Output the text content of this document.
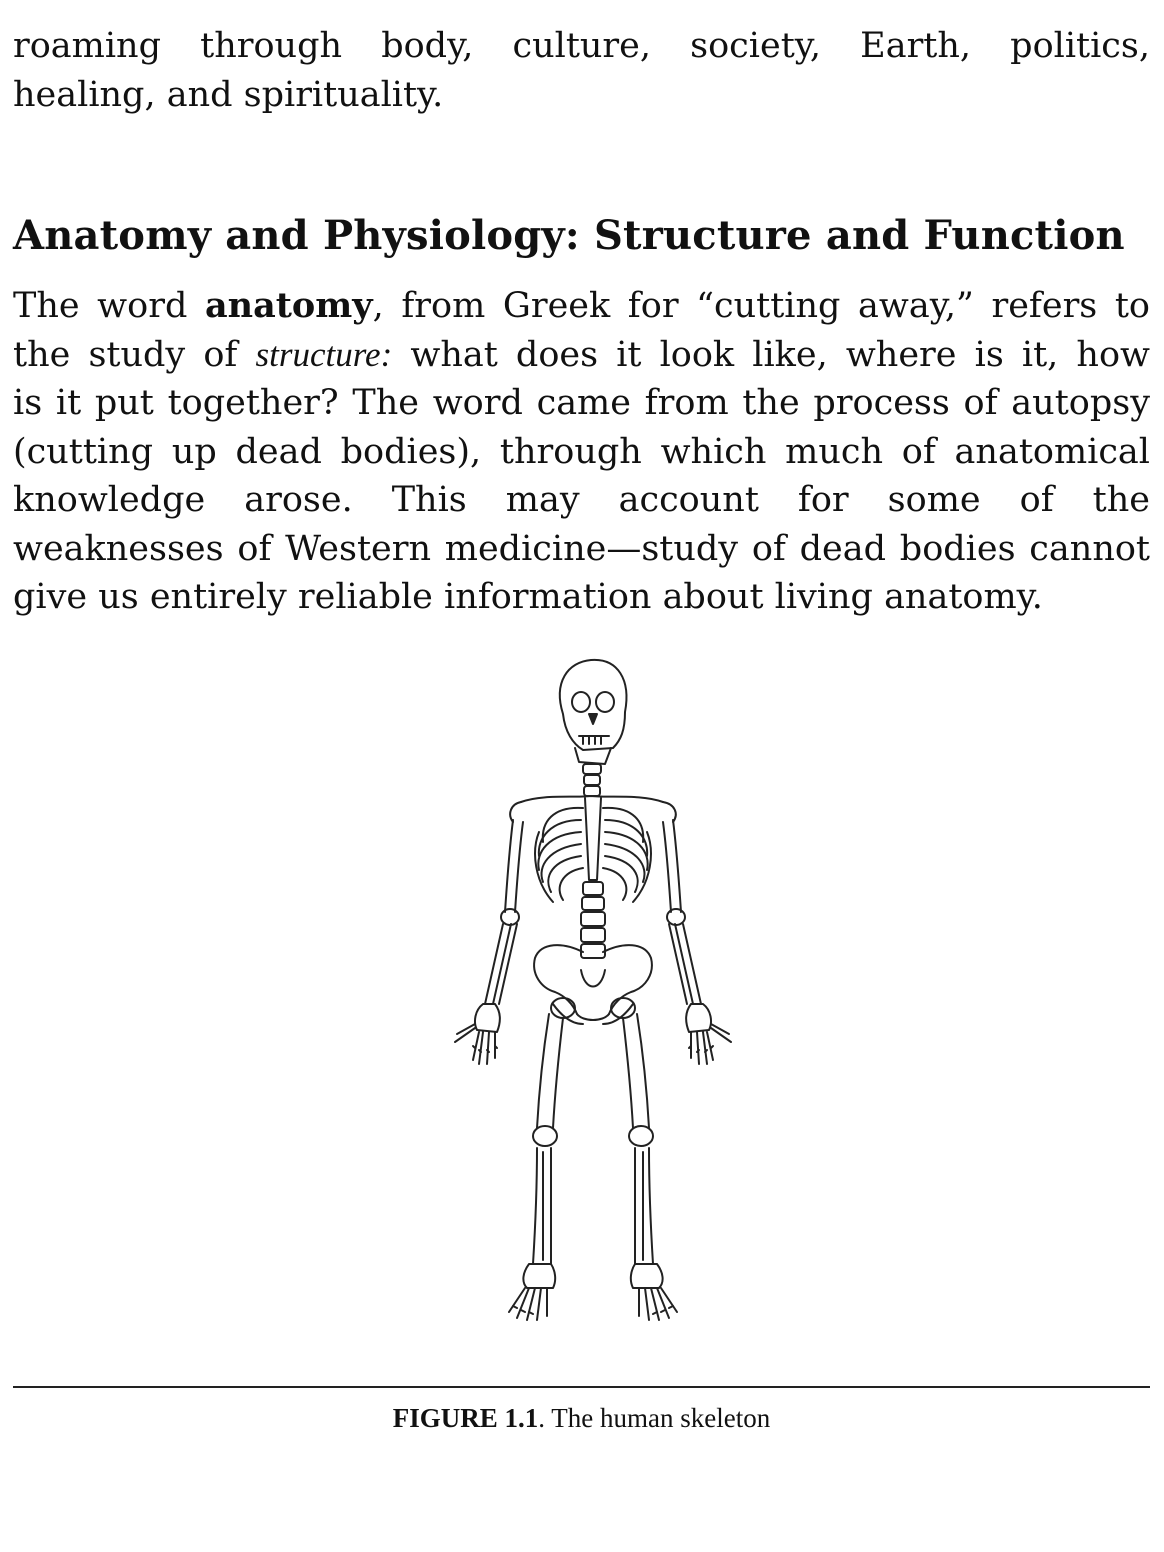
roaming through body, culture, society, Earth, politics,

healing, and spirituality.

Anatomy and Physiology: Structure and Function

The word anatomy, from Greek for “cutting away,” refers to

the study of structure: what does it look like, where is it, how

is it put together? The word came from the process of autopsy

(cutting up dead bodies), through which much of anatomical

knowledge arose. This may account for some of the

weaknesses of Western medicine—study of dead bodies cannot

give us entirely reliable information about living anatomy.

FIGURE 1.1. The human skeleton
